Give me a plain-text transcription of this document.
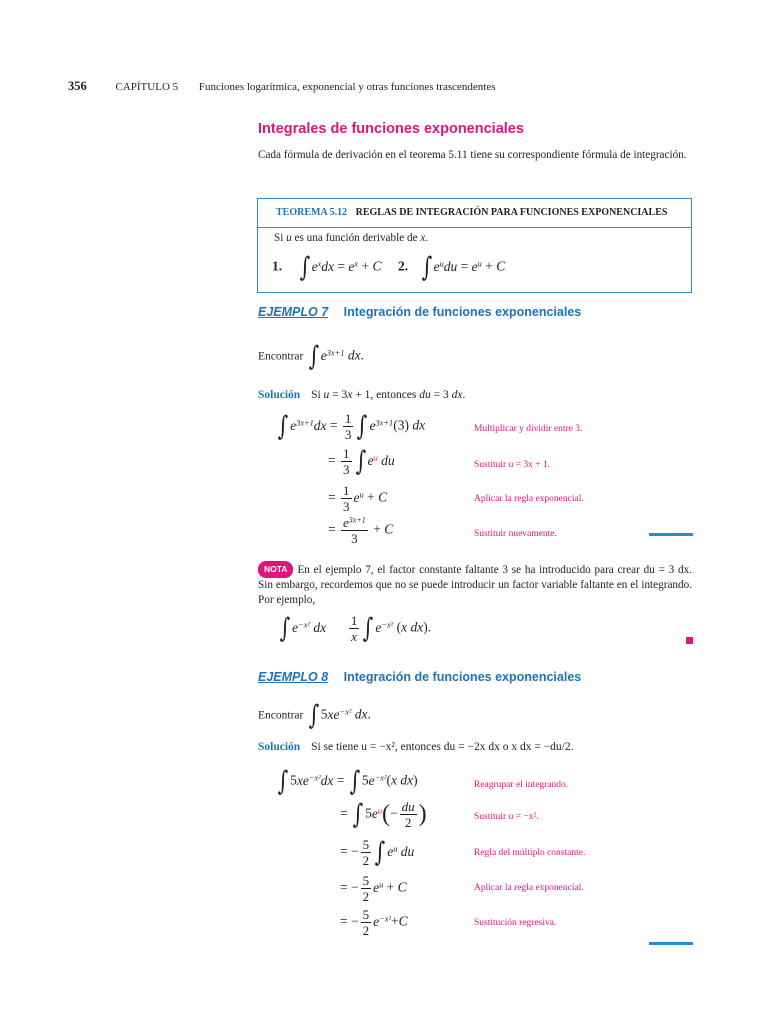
356	CAPÍTULO 5 Funciones logarítmica, exponencial y otras funciones trascendentes
Integrales de funciones exponenciales
Cada fórmula de derivación en el teorema 5.11 tiene su correspondiente fórmula de integración.
TEOREMA 5.12 REGLAS DE INTEGRACIÓN PARA FUNCIONES EXPONENCIALES
Si u es una función derivable de x.
1. ∫ $e^xdx = e^x + C$ 2. ∫ $e^udu = e^u + C$
EJEMPLO 7 Integración de funciones exponenciales
Encontrar ∫ $e^{3x+1}$ dx.
Solución Si u = 3x + 1, entonces du = 3 dx.
∫ $e^{3x+1}dx = \frac{1}{3}$ ∫ $e^{3x+1}(3)$ dx	Multiplicar y dividir entre 3.
= $\frac{1}{3}$ ∫ $e^u$ du	Sustituir u = 3x + 1.
= $\frac{1}{3} e^u + C$	Aplicar la regla exponencial.
= $\frac{e^{3x+1}}{3} + C$	Sustituir nuevamente.
NOTA En el ejemplo 7, el factor constante faltante 3 se ha introducido para crear du = 3 dx. Sin embargo, recordemos que no se puede introducir un factor variable faltante en el integrando. Por ejemplo,
∫ $e^{-x^2}$ dx $\frac{1}{x}$ ∫ $e^{-x^2}$ (x dx).
EJEMPLO 8 Integración de funciones exponenciales
Encontrar ∫ $5xe^{-x^2}$ dx.
Solución Si se tiene u = −x², entonces du = −2x dx o x dx = −du/2.
∫ $5xe^{-x^2}dx$ = ∫ $5e^{-x^2}(x$ dx)	Reagrupar el integrando.
= ∫ $5e^u(- \frac{du}{2}$ )	Sustituir u = −x².
= − $\frac{5}{2}$ ∫ $e^u$ du	Regla del múltiplo constante.
= − $\frac{5}{2} e^u + C$	Aplicar la regla exponencial.
= − $\frac{5}{2} e^{-x^2}+C$	Sustitución regresiva.
